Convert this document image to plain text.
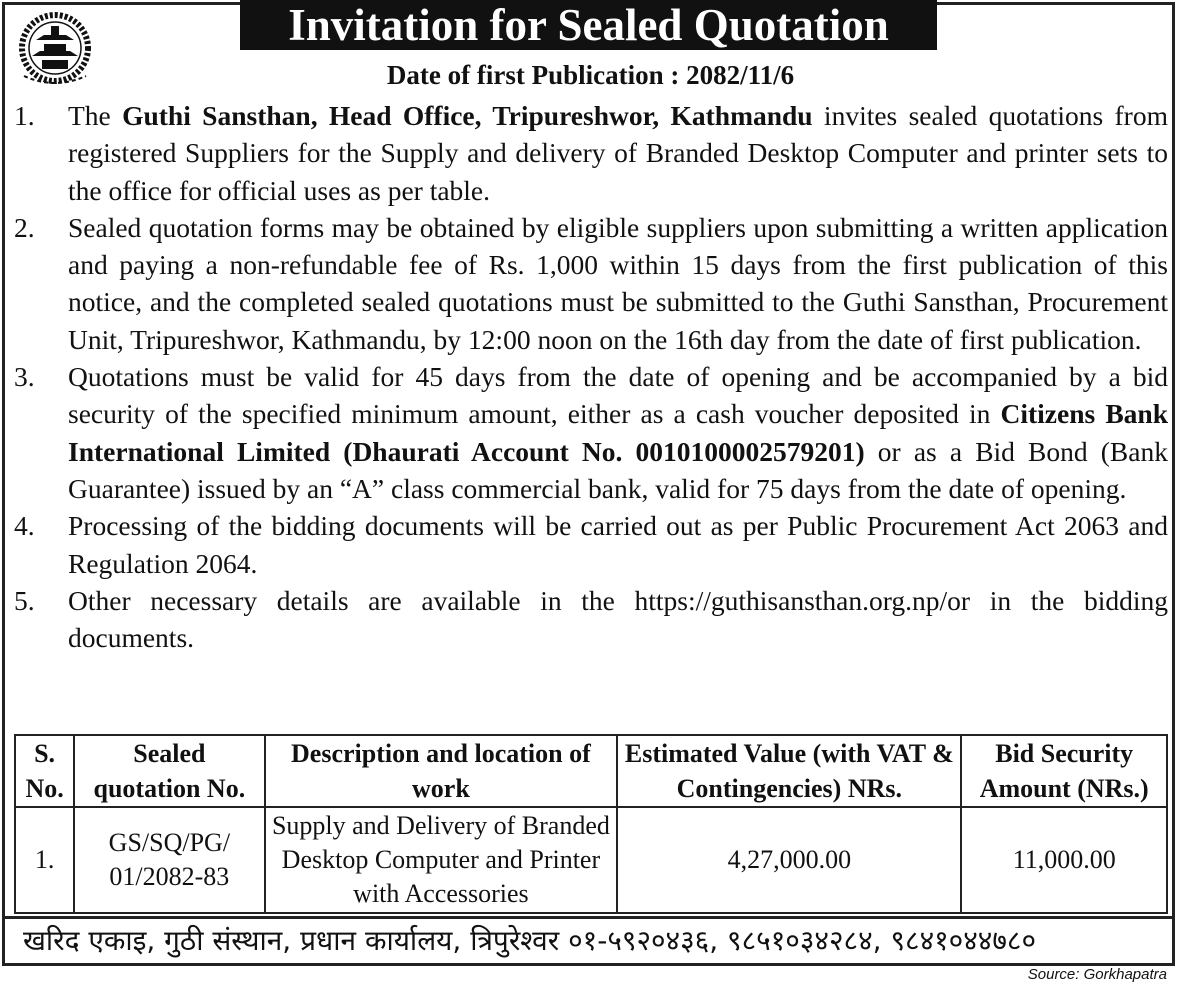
Invitation for Sealed Quotation
Date of first Publication : 2082/11/6
1.	The Guthi Sansthan, Head Office, Tripureshwor, Kathmandu invites sealed quotations from registered Suppliers for the Supply and delivery of Branded Desktop Computer and printer sets to the office for official uses as per table.
2.	Sealed quotation forms may be obtained by eligible suppliers upon submitting a written application and paying a non-refundable fee of Rs. 1,000 within 15 days from the first publication of this notice, and the completed sealed quotations must be submitted to the Guthi Sansthan, Procurement Unit, Tripureshwor, Kathmandu, by 12:00 noon on the 16th day from the date of first publication.
3.	Quotations must be valid for 45 days from the date of opening and be accompanied by a bid security of the specified minimum amount, either as a cash voucher deposited in Citizens Bank International Limited (Dhaurati Account No. 0010100002579201) or as a Bid Bond (Bank Guarantee) issued by an “A” class commercial bank, valid for 75 days from the date of opening.
4.	Processing of the bidding documents will be carried out as per Public Procurement Act 2063 and Regulation 2064.
5.	Other necessary details are available in the https://guthisansthan.org.np/or in the bidding documents.
S. No.	Sealed quotation No.	Description and location of work	Estimated Value (with VAT & Contingencies) NRs.	Bid Security Amount (NRs.)
1.	GS/SQ/PG/ 01/2082-83	Supply and Delivery of Branded Desktop Computer and Printer with Accessories	4,27,000.00	11,000.00
खरिद एकाइ, गुठी संस्थान, प्रधान कार्यालय, त्रिपुरेश्वर ०१-५९२०४३६, ९८५१०३४२८४, ९८४१०४४७८०
Source: Gorkhapatra
